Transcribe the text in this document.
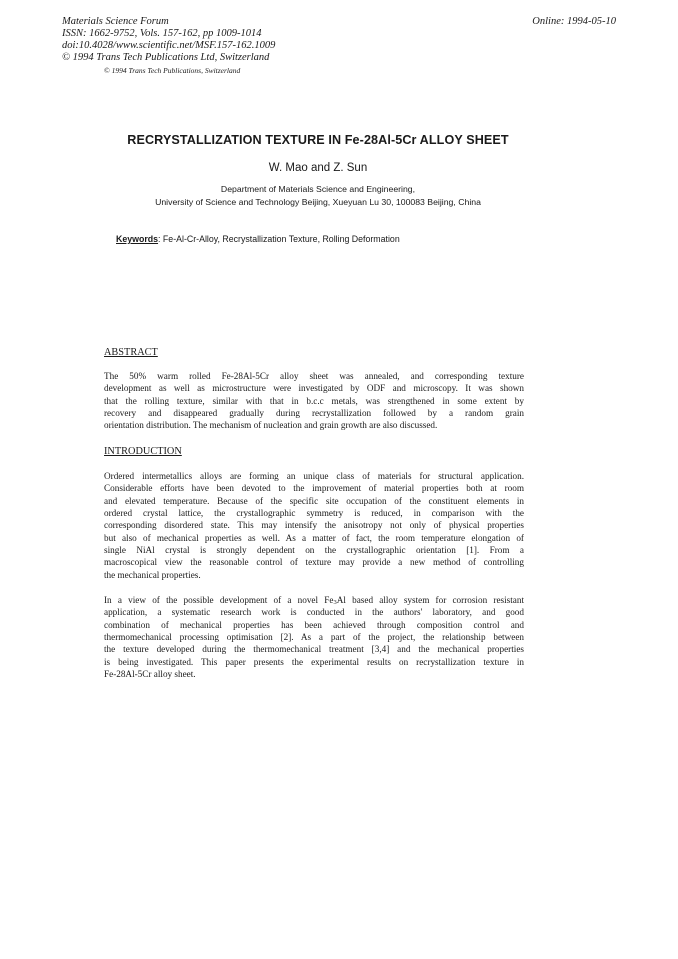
Materials Science Forum
ISSN: 1662-9752, Vols. 157-162, pp 1009-1014
doi:10.4028/www.scientific.net/MSF.157-162.1009
© 1994 Trans Tech Publications Ltd, Switzerland
Online: 1994-05-10
© 1994 Trans Tech Publications, Switzerland
RECRYSTALLIZATION TEXTURE IN Fe-28Al-5Cr ALLOY SHEET
W. Mao and Z. Sun
Department of Materials Science and Engineering,
University of Science and Technology Beijing, Xueyuan Lu 30, 100083 Beijing, China
Keywords: Fe-Al-Cr-Alloy, Recrystallization Texture, Rolling Deformation
ABSTRACT
The 50% warm rolled Fe-28Al-5Cr alloy sheet was annealed, and corresponding texture
development as well as microstructure were investigated by ODF and microscopy. It was shown
that the rolling texture, similar with that in b.c.c metals, was strengthened in some extent by
recovery and disappeared gradually during recrystallization followed by a random grain
orientation distribution. The mechanism of nucleation and grain growth are also discussed.
INTRODUCTION
Ordered intermetallics alloys are forming an unique class of materials for structural application.
Considerable efforts have been devoted to the improvement of material properties both at room
and elevated temperature. Because of the specific site occupation of the constituent elements in
ordered crystal lattice, the crystallographic symmetry is reduced, in comparison with the
corresponding disordered state. This may intensify the anisotropy not only of physical properties
but also of mechanical properties as well. As a matter of fact, the room temperature elongation of
single NiAl crystal is strongly dependent on the crystallographic orientation [1]. From a
macroscopical view the reasonable control of texture may provide a new method of controlling
the mechanical properties.
In a view of the possible development of a novel $Fe_3Al$ based alloy system for corrosion resistant
application, a systematic research work is conducted in the authors' laboratory, and good
combination of mechanical properties has been achieved through composition control and
thermomechanical processing optimisation [2]. As a part of the project, the relationship between
the texture developed during the thermomechanical treatment [3,4] and the mechanical properties
is being investigated. This paper presents the experimental results on recrystallization texture in
Fe-28Al-5Cr alloy sheet.
